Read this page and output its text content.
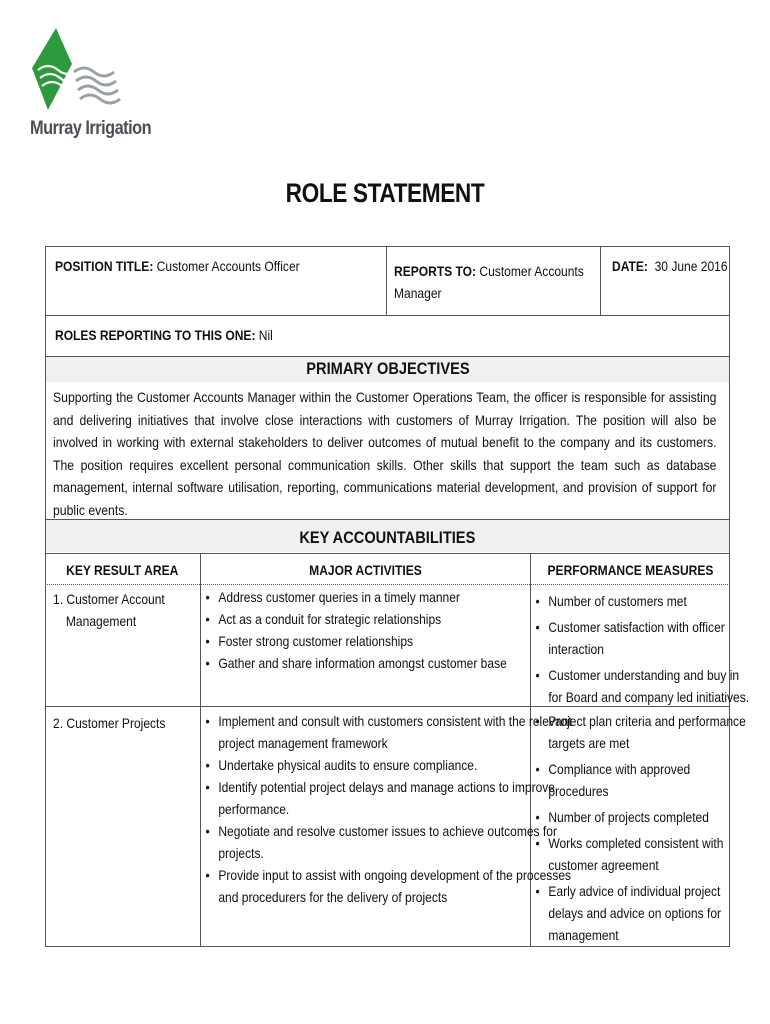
Murray Irrigation
ROLE STATEMENT
POSITION TITLE: Customer Accounts Officer	REPORTS TO: Customer Accounts
Manager
DATE: 30 June 2016
ROLES REPORTING TO THIS ONE: Nil
PRIMARY OBJECTIVES
Supporting the Customer Accounts Manager within the Customer Operations Team, the officer is responsible for assisting and delivering initiatives that involve close interactions with customers of Murray Irrigation. The position will also be involved in working with external stakeholders to deliver outcomes of mutual benefit to the company and its customers. The position requires excellent personal communication skills. Other skills that support the team such as database management, internal software utilisation, reporting, communications material development, and provision of support for public events.
KEY ACCOUNTABILITIES
KEY RESULT AREA	MAJOR ACTIVITIES	PERFORMANCE MEASURES
1. Customer Account
Management
• Address customer queries in a timely manner
• Act as a conduit for strategic relationships
• Foster strong customer relationships
• Gather and share information amongst customer base
• Number of customers met
• Customer satisfaction with officer
interaction
• Customer understanding and buy in
for Board and company led initiatives.
2. Customer Projects
•	Implement and consult with customers consistent with the relevant
project management framework
• Undertake physical audits to ensure compliance.
• Identify potential project delays and manage actions to improve
performance.
• Negotiate and resolve customer issues to achieve outcomes for
projects.
• Provide input to assist with ongoing development of the processes
and procedurers for the delivery of projects
• Project plan criteria and performance
targets are met
• Compliance with approved
procedures
• Number of projects completed
• Works completed consistent with
customer agreement
• Early advice of individual project
delays and advice on options for
management
